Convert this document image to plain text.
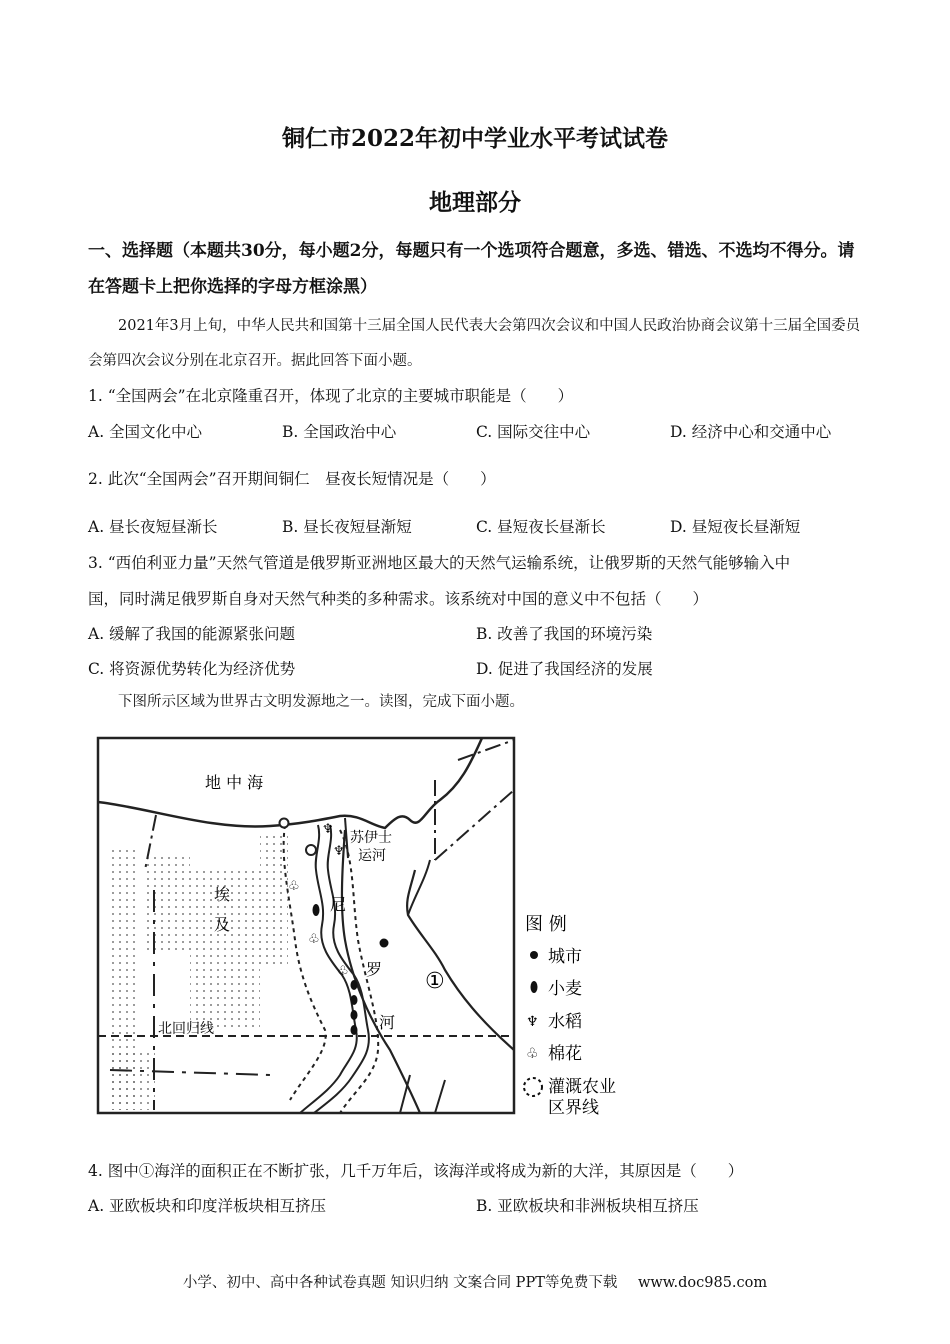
铜仁市2022年初中学业水平考试试卷
地理部分
一、选择题（本题共30分，每小题2分，每题只有一个选项符合题意，多选、错选、不选均不得分。请在答题卡上把你选择的字母方框涂黑）
2021年3月上旬，中华人民共和国第十三届全国人民代表大会第四次会议和中国人民政治协商会议第十三届全国委员会第四次会议分别在北京召开。据此回答下面小题。
1. “全国两会”在北京隆重召开，体现了北京的主要城市职能是（　　）
A. 全国文化中心	B. 全国政治中心	C. 国际交往中心	D. 经济中心和交通中心
2. 此次“全国两会”召开期间铜仁　昼夜长短情况是（　　）
A. 昼长夜短昼渐长	B. 昼长夜短昼渐短	C. 昼短夜长昼渐长	D. 昼短夜长昼渐短
3. “西伯利亚力量”天然气管道是俄罗斯亚洲地区最大的天然气运输系统，让俄罗斯的天然气能够输入中
国，同时满足俄罗斯自身对天然气种类的多种需求。该系统对中国的意义中不包括（　　）
A. 缓解了我国的能源紧张问题	B. 改善了我国的环境污染
C. 将资源优势转化为经济优势	D. 促进了我国经济的发展
下图所示区域为世界古文明发源地之一。读图，完成下面小题。
♆
♆
♧
♧
♧
地 中 海
埃
及
苏伊士
运河
尼
罗
河
北回归线
①
图 例
城市
小麦
♆ 水稻
♧ 棉花
灌溉农业
区界线
4. 图中①海洋的面积正在不断扩张，几千万年后，该海洋或将成为新的大洋，其原因是（　　）
A. 亚欧板块和印度洋板块相互挤压	B. 亚欧板块和非洲板块相互挤压
小学、初中、高中各种试卷真题 知识归纳 文案合同 PPT等免费下载 www.doc985.com
